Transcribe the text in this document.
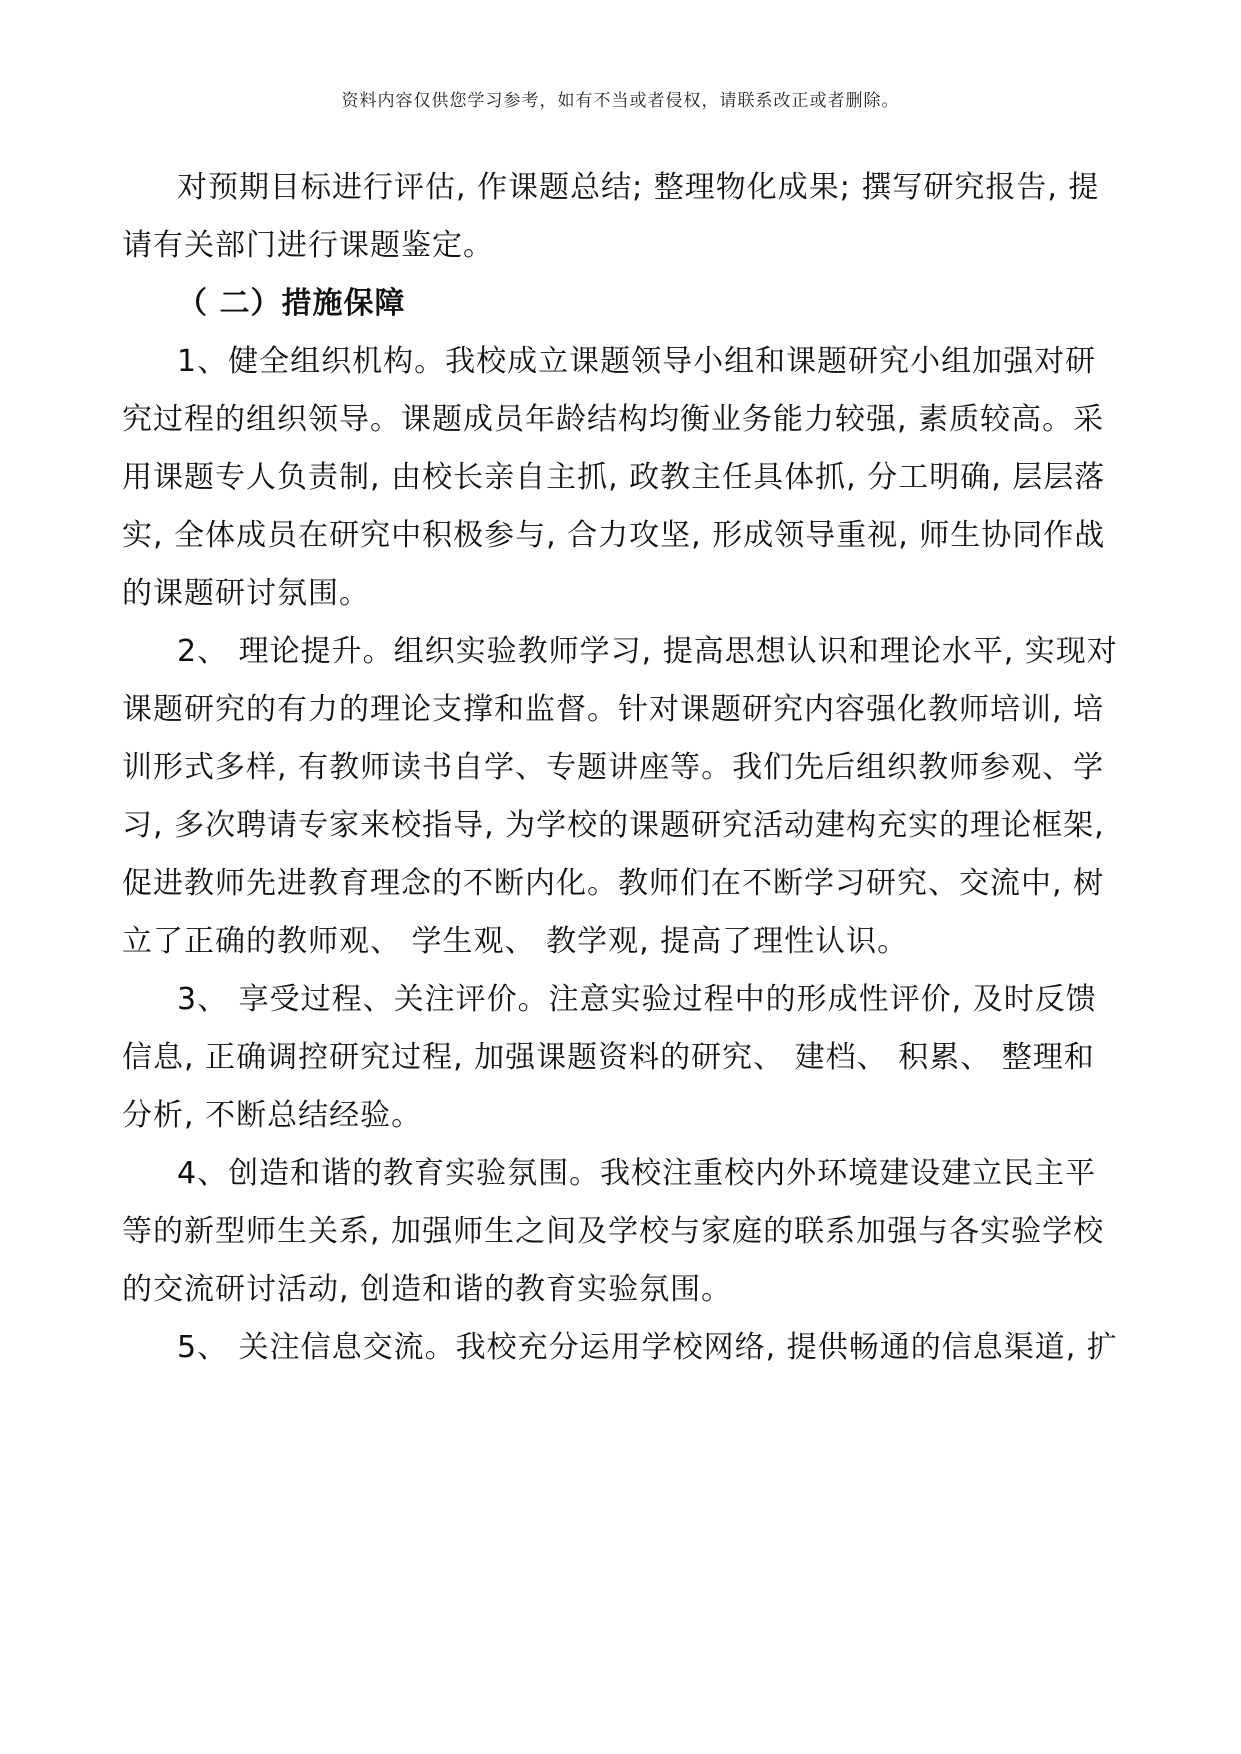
资料内容仅供您学习参考，如有不当或者侵权，请联系改正或者删除。
对预期目标进行评估, 作课题总结; 整理物化成果; 撰写研究报告, 提
请有关部门进行课题鉴定。
（ 二）措施保障
1、健全组织机构。我校成立课题领导小组和课题研究小组加强对研
究过程的组织领导。课题成员年龄结构均衡业务能力较强, 素质较高。采
用课题专人负责制, 由校长亲自主抓, 政教主任具体抓, 分工明确, 层层落
实, 全体成员在研究中积极参与, 合力攻坚, 形成领导重视, 师生协同作战
的课题研讨氛围。
2、 理论提升。组织实验教师学习, 提高思想认识和理论水平, 实现对
课题研究的有力的理论支撑和监督。针对课题研究内容强化教师培训, 培
训形式多样, 有教师读书自学、专题讲座等。我们先后组织教师参观、学
习, 多次聘请专家来校指导, 为学校的课题研究活动建构充实的理论框架,
促进教师先进教育理念的不断内化。教师们在不断学习研究、交流中, 树
立了正确的教师观、 学生观、 教学观, 提高了理性认识。
3、 享受过程、关注评价。注意实验过程中的形成性评价, 及时反馈
信息, 正确调控研究过程, 加强课题资料的研究、 建档、 积累、 整理和
分析, 不断总结经验。
4、创造和谐的教育实验氛围。我校注重校内外环境建设建立民主平
等的新型师生关系, 加强师生之间及学校与家庭的联系加强与各实验学校
的交流研讨活动, 创造和谐的教育实验氛围。
5、 关注信息交流。我校充分运用学校网络, 提供畅通的信息渠道, 扩
